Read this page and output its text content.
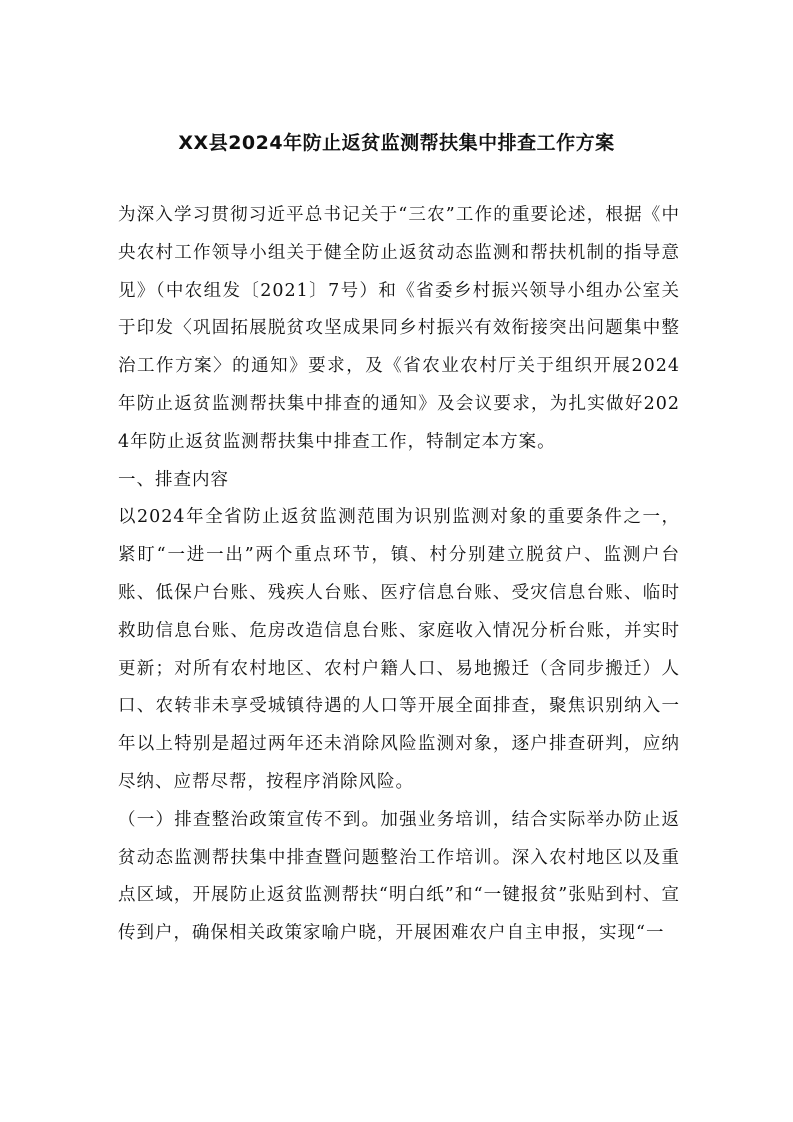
XX县2024年防止返贫监测帮扶集中排查工作方案

为深入学习贯彻习近平总书记关于“三农”工作的重要论述，根据《中央农村工作领导小组关于健全防止返贫动态监测和帮扶机制的指导意见》（中农组发〔2021〕7号）和《省委乡村振兴领导小组办公室关于印发〈巩固拓展脱贫攻坚成果同乡村振兴有效衔接突出问题集中整治工作方案〉的通知》要求，及《省农业农村厅关于组织开展2024年防止返贫监测帮扶集中排查的通知》及会议要求，为扎实做好2024年防止返贫监测帮扶集中排查工作，特制定本方案。

一、排查内容

以2024年全省防止返贫监测范围为识别监测对象的重要条件之一，紧盯“一进一出”两个重点环节，镇、村分别建立脱贫户、监测户台账、低保户台账、残疾人台账、医疗信息台账、受灾信息台账、临时救助信息台账、危房改造信息台账、家庭收入情况分析台账，并实时更新；对所有农村地区、农村户籍人口、易地搬迁（含同步搬迁）人口、农转非未享受城镇待遇的人口等开展全面排查，聚焦识别纳入一年以上特别是超过两年还未消除风险监测对象，逐户排查研判，应纳尽纳、应帮尽帮，按程序消除风险。

（一）排查整治政策宣传不到。加强业务培训，结合实际举办防止返贫动态监测帮扶集中排查暨问题整治工作培训。深入农村地区以及重点区域，开展防止返贫监测帮扶“明白纸”和“一键报贫”张贴到村、宣传到户，确保相关政策家喻户晓，开展困难农户自主申报，实现“一
